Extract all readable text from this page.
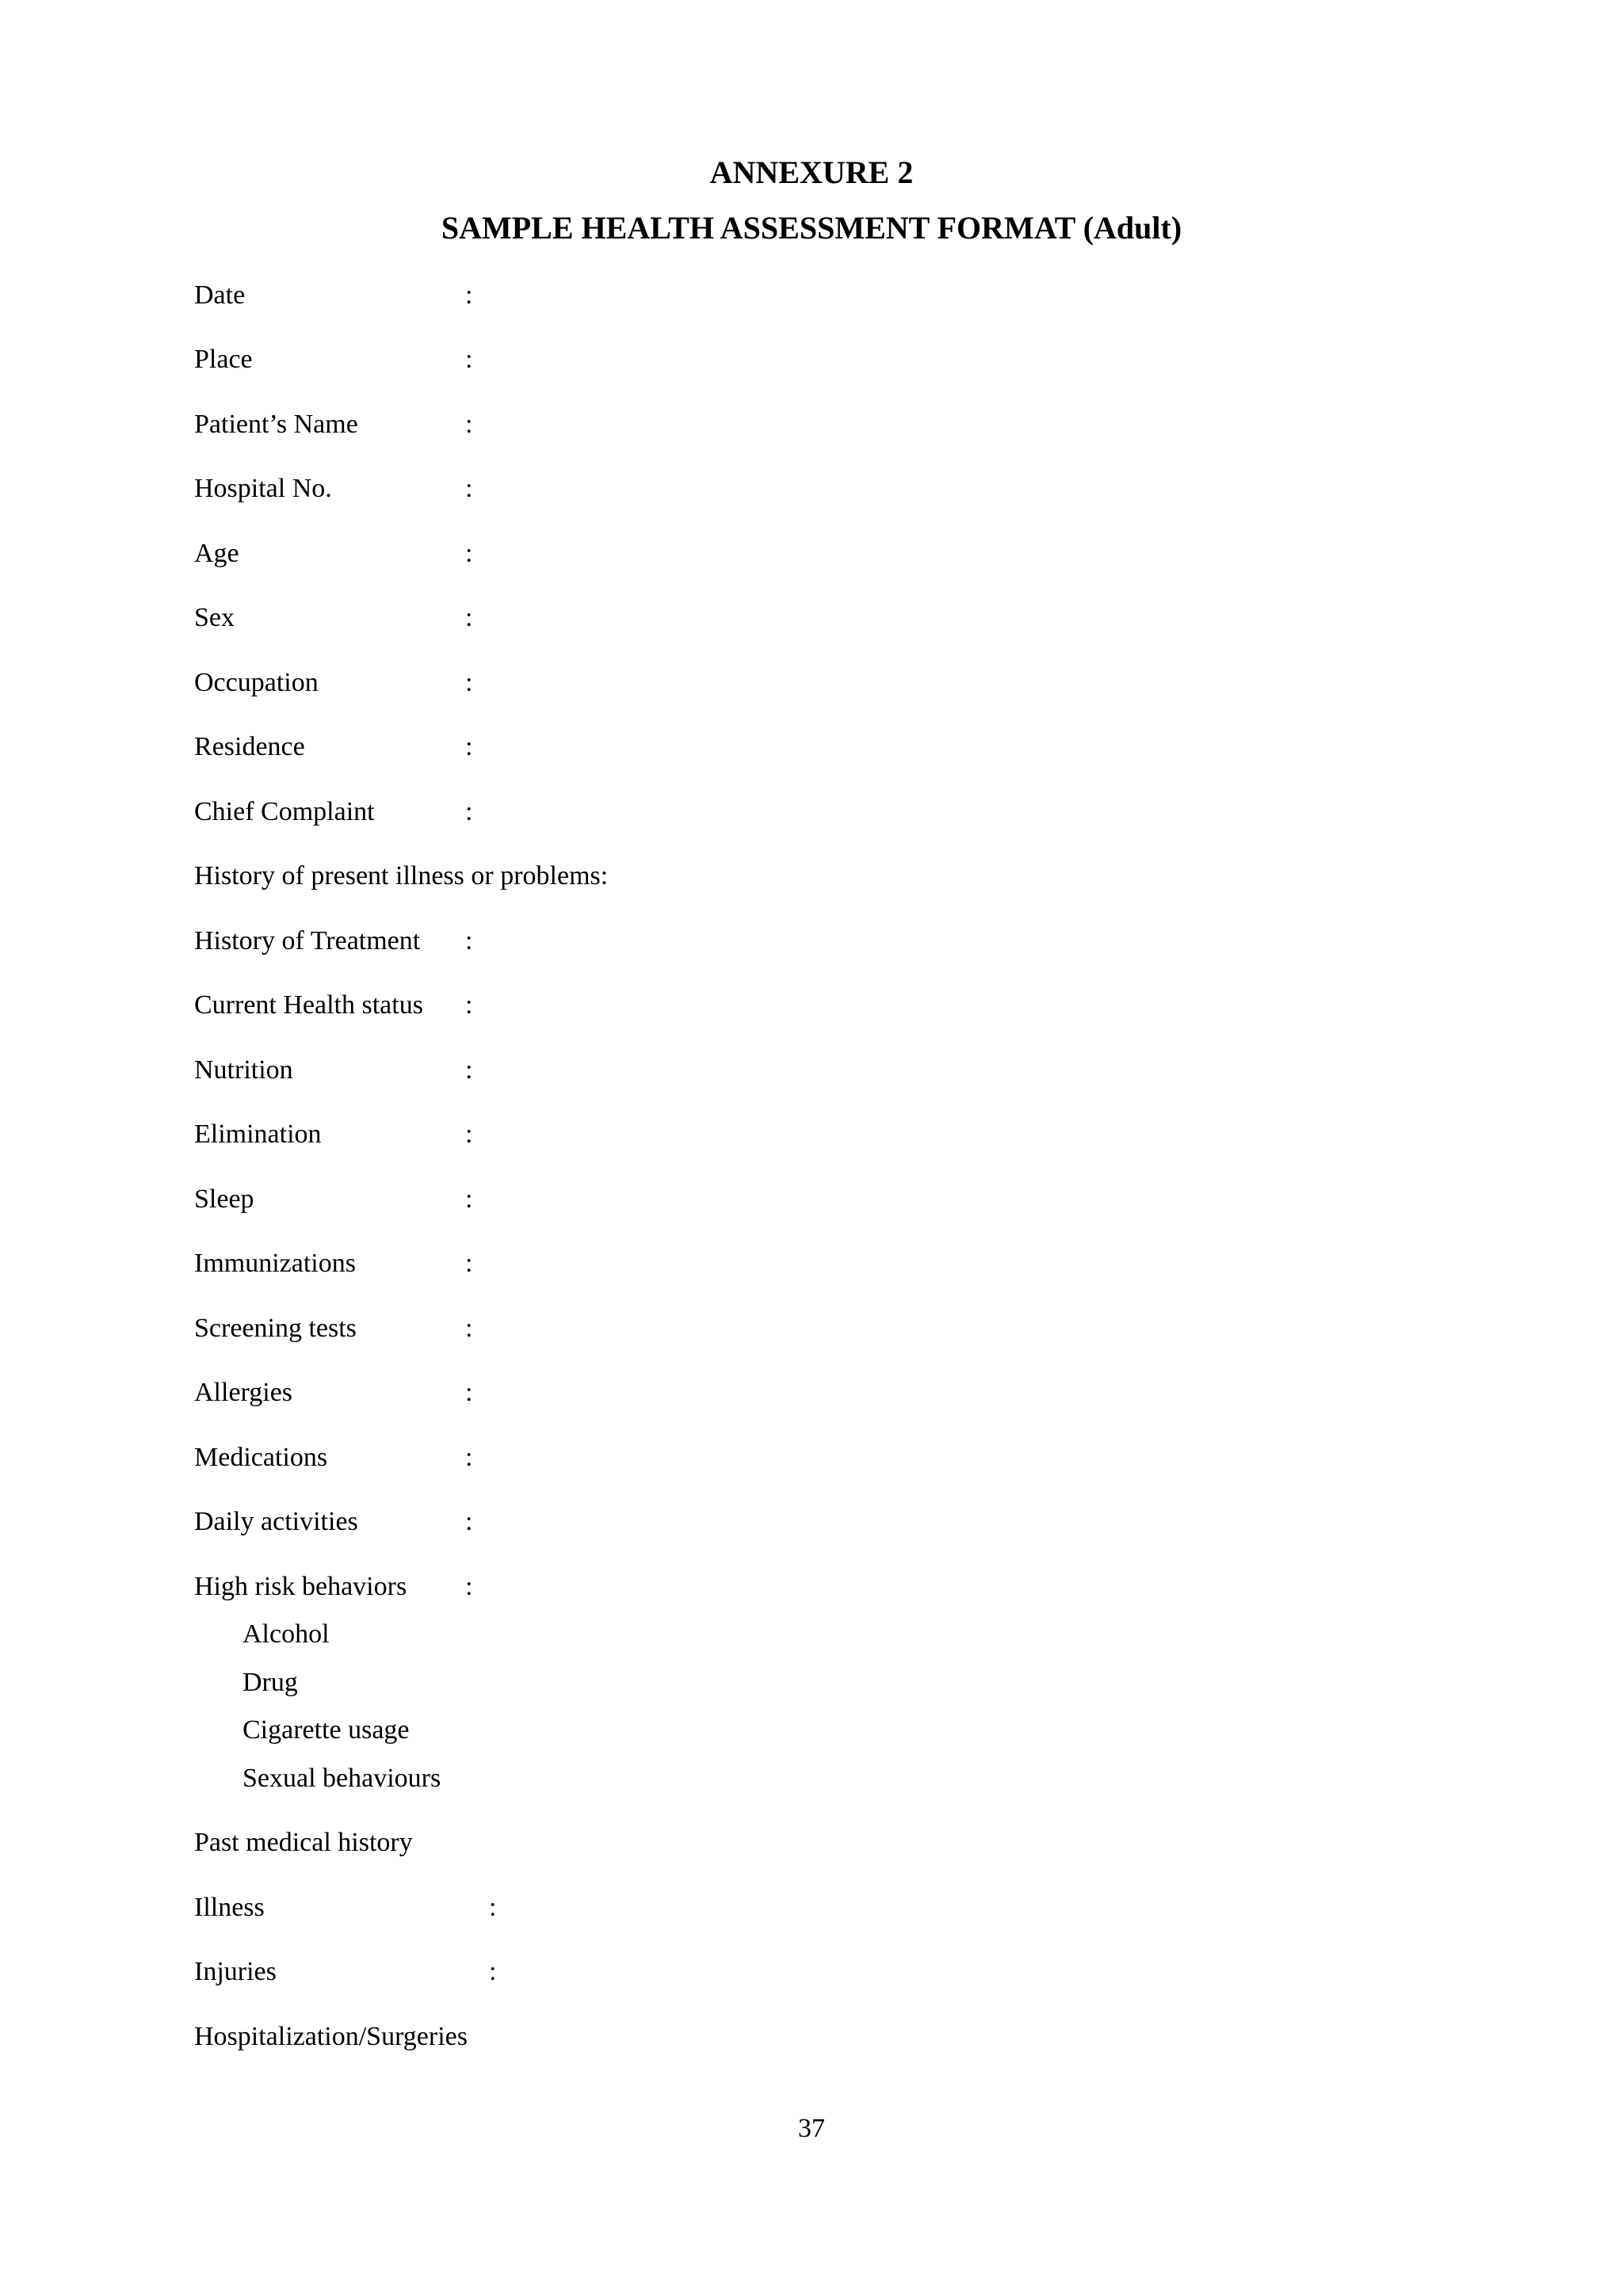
ANNEXURE 2
SAMPLE HEALTH ASSESSMENT FORMAT (Adult)
Date	:
Place	:
Patient’s Name	:
Hospital No.	:
Age	:
Sex	:
Occupation	:
Residence	:
Chief Complaint	:
History of present illness or problems:
History of Treatment :
Current Health status :
Nutrition	:
Elimination	:
Sleep	:
Immunizations	:
Screening tests	:
Allergies	:
Medications	:
Daily activities	:
High risk behaviors :
Alcohol
Drug
Cigarette usage
Sexual behaviours
Past medical history
Illness	:
Injuries	:
Hospitalization/Surgeries
37
